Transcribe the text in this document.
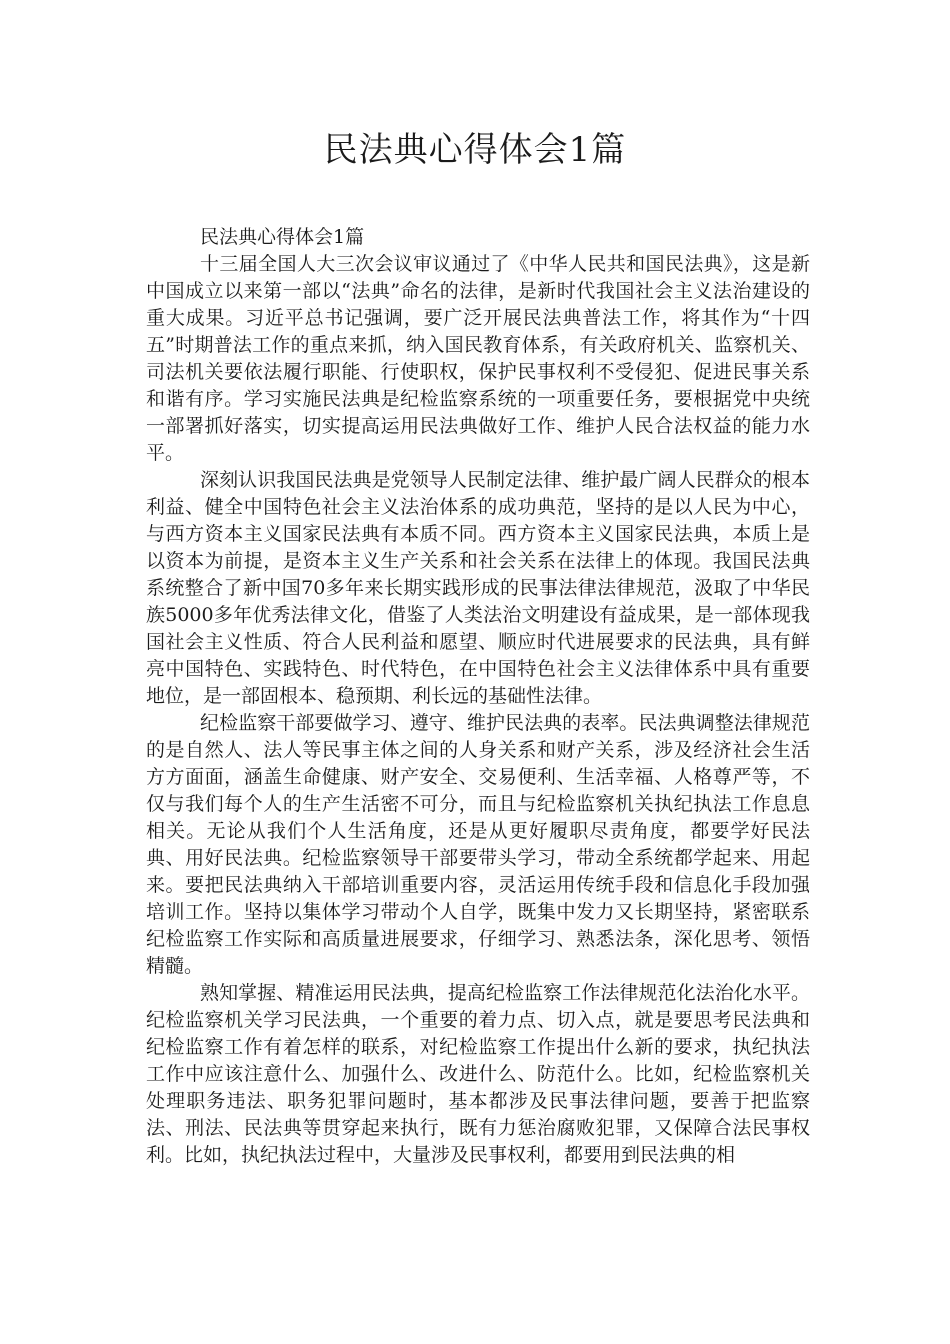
民法典心得体会1篇

民法典心得体会1篇

十三届全国人大三次会议审议通过了《中华人民共和国民法典》，这是新中国成立以来第一部以“法典”命名的法律，是新时代我国社会主义法治建设的重大成果。习近平总书记强调，要广泛开展民法典普法工作，将其作为“十四五”时期普法工作的重点来抓，纳入国民教育体系，有关政府机关、监察机关、司法机关要依法履行职能、行使职权，保护民事权利不受侵犯、促进民事关系和谐有序。学习实施民法典是纪检监察系统的一项重要任务，要根据党中央统一部署抓好落实，切实提高运用民法典做好工作、维护人民合法权益的能力水平。

深刻认识我国民法典是党领导人民制定法律、维护最广阔人民群众的根本利益、健全中国特色社会主义法治体系的成功典范，坚持的是以人民为中心，与西方资本主义国家民法典有本质不同。西方资本主义国家民法典，本质上是以资本为前提，是资本主义生产关系和社会关系在法律上的体现。我国民法典系统整合了新中国70多年来长期实践形成的民事法律法律规范，汲取了中华民族5000多年优秀法律文化，借鉴了人类法治文明建设有益成果，是一部体现我国社会主义性质、符合人民利益和愿望、顺应时代进展要求的民法典，具有鲜亮中国特色、实践特色、时代特色，在中国特色社会主义法律体系中具有重要地位，是一部固根本、稳预期、利长远的基础性法律。

纪检监察干部要做学习、遵守、维护民法典的表率。民法典调整法律规范的是自然人、法人等民事主体之间的人身关系和财产关系，涉及经济社会生活方方面面，涵盖生命健康、财产安全、交易便利、生活幸福、人格尊严等，不仅与我们每个人的生产生活密不可分，而且与纪检监察机关执纪执法工作息息相关。无论从我们个人生活角度，还是从更好履职尽责角度，都要学好民法典、用好民法典。纪检监察领导干部要带头学习，带动全系统都学起来、用起来。要把民法典纳入干部培训重要内容，灵活运用传统手段和信息化手段加强培训工作。坚持以集体学习带动个人自学，既集中发力又长期坚持，紧密联系纪检监察工作实际和高质量进展要求，仔细学习、熟悉法条，深化思考、领悟精髓。

熟知掌握、精准运用民法典，提高纪检监察工作法律规范化法治化水平。纪检监察机关学习民法典，一个重要的着力点、切入点，就是要思考民法典和纪检监察工作有着怎样的联系，对纪检监察工作提出什么新的要求，执纪执法工作中应该注意什么、加强什么、改进什么、防范什么。比如，纪检监察机关处理职务违法、职务犯罪问题时，基本都涉及民事法律问题，要善于把监察法、刑法、民法典等贯穿起来执行，既有力惩治腐败犯罪，又保障合法民事权利。比如，执纪执法过程中，大量涉及民事权利，都要用到民法典的相
